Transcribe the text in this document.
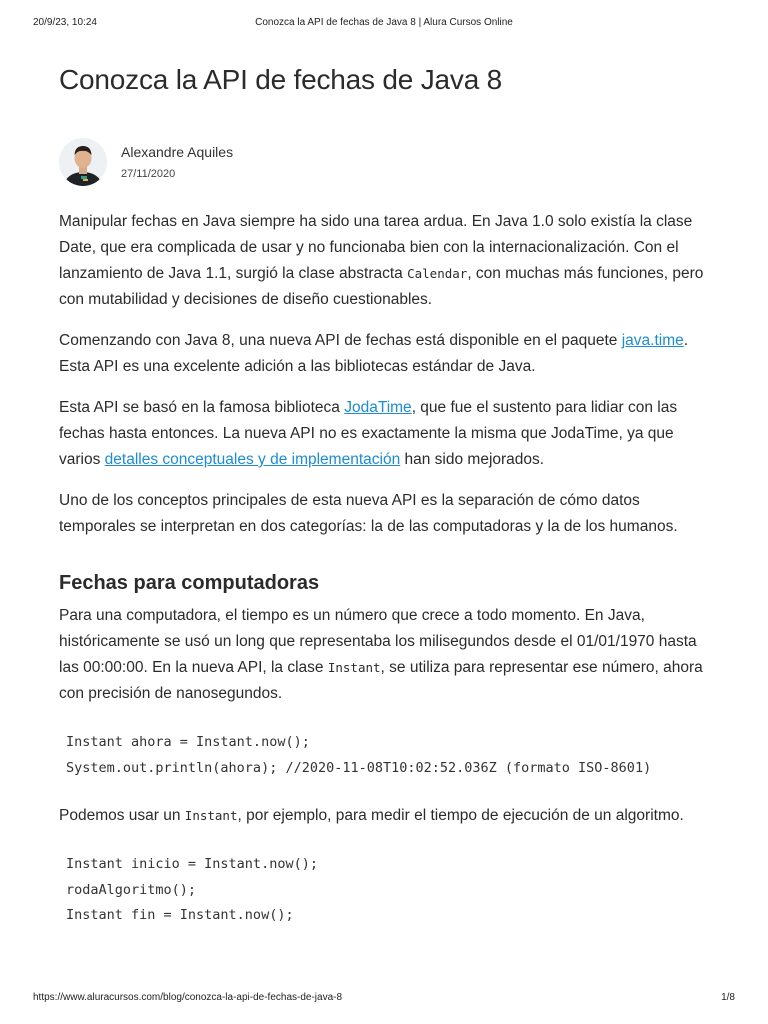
20/9/23, 10:24	Conozca la API de fechas de Java 8 | Alura Cursos Online
Conozca la API de fechas de Java 8
Alexandre Aquiles
27/11/2020

Manipular fechas en Java siempre ha sido una tarea ardua. En Java 1.0 solo existía la clase Date, que era complicada de usar y no funcionaba bien con la internacionalización. Con el lanzamiento de Java 1.1, surgió la clase abstracta Calendar, con muchas más funciones, pero con mutabilidad y decisiones de diseño cuestionables.

Comenzando con Java 8, una nueva API de fechas está disponible en el paquete java.time. Esta API es una excelente adición a las bibliotecas estándar de Java.

Esta API se basó en la famosa biblioteca JodaTime, que fue el sustento para lidiar con las fechas hasta entonces. La nueva API no es exactamente la misma que JodaTime, ya que varios detalles conceptuales y de implementación han sido mejorados.

Uno de los conceptos principales de esta nueva API es la separación de cómo datos temporales se interpretan en dos categorías: la de las computadoras y la de los humanos.

Fechas para computadoras

Para una computadora, el tiempo es un número que crece a todo momento. En Java, históricamente se usó un long que representaba los milisegundos desde el 01/01/1970 hasta las 00:00:00. En la nueva API, la clase Instant, se utiliza para representar ese número, ahora con precisión de nanosegundos.

Instant ahora = Instant.now();
System.out.println(ahora); //2020-11-08T10:02:52.036Z (formato ISO-8601)

Podemos usar un Instant, por ejemplo, para medir el tiempo de ejecución de un algoritmo.

Instant inicio = Instant.now();
rodaAlgoritmo();
Instant fin = Instant.now();
https://www.aluracursos.com/blog/conozca-la-api-de-fechas-de-java-8	1/8
